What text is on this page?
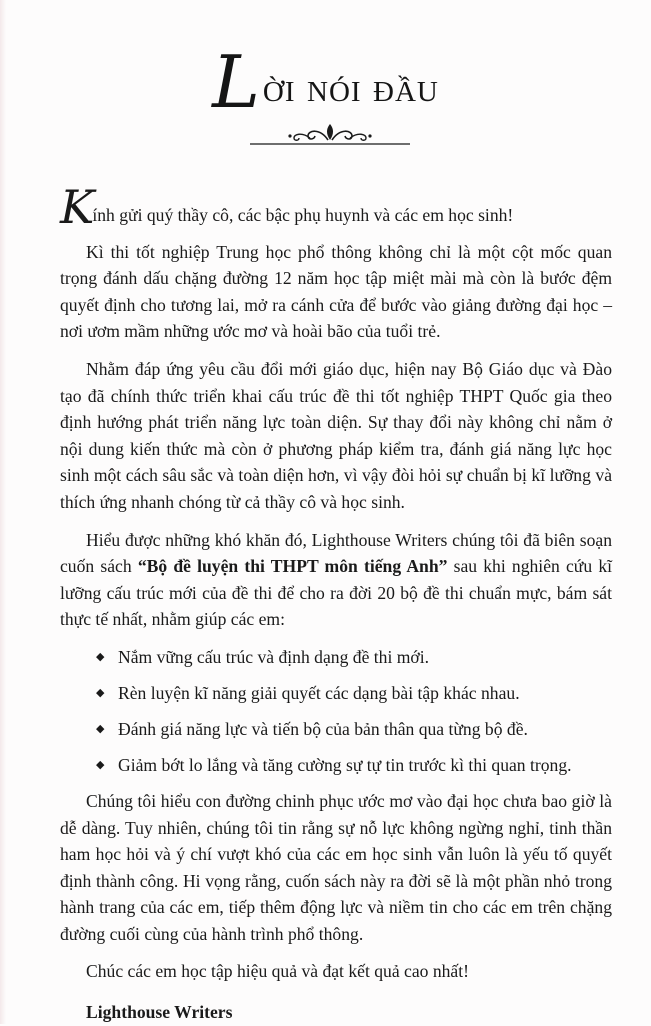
Lời nói đầu
Kính gửi quý thầy cô, các bậc phụ huynh và các em học sinh!

Kì thi tốt nghiệp Trung học phổ thông không chỉ là một cột mốc quan trọng đánh dấu chặng đường 12 năm học tập miệt mài mà còn là bước đệm quyết định cho tương lai, mở ra cánh cửa để bước vào giảng đường đại học – nơi ươm mầm những ước mơ và hoài bão của tuổi trẻ.

Nhằm đáp ứng yêu cầu đổi mới giáo dục, hiện nay Bộ Giáo dục và Đào tạo đã chính thức triển khai cấu trúc đề thi tốt nghiệp THPT Quốc gia theo định hướng phát triển năng lực toàn diện. Sự thay đổi này không chỉ nằm ở nội dung kiến thức mà còn ở phương pháp kiểm tra, đánh giá năng lực học sinh một cách sâu sắc và toàn diện hơn, vì vậy đòi hỏi sự chuẩn bị kĩ lưỡng và thích ứng nhanh chóng từ cả thầy cô và học sinh.

Hiểu được những khó khăn đó, Lighthouse Writers chúng tôi đã biên soạn cuốn sách “Bộ đề luyện thi THPT môn tiếng Anh” sau khi nghiên cứu kĩ lưỡng cấu trúc mới của đề thi để cho ra đời 20 bộ đề thi chuẩn mực, bám sát thực tế nhất, nhằm giúp các em:

◆ Nắm vững cấu trúc và định dạng đề thi mới.
◆ Rèn luyện kĩ năng giải quyết các dạng bài tập khác nhau.
◆ Đánh giá năng lực và tiến bộ của bản thân qua từng bộ đề.
◆ Giảm bớt lo lắng và tăng cường sự tự tin trước kì thi quan trọng.

Chúng tôi hiểu con đường chinh phục ước mơ vào đại học chưa bao giờ là dễ dàng. Tuy nhiên, chúng tôi tin rằng sự nỗ lực không ngừng nghỉ, tinh thần ham học hỏi và ý chí vượt khó của các em học sinh vẫn luôn là yếu tố quyết định thành công. Hi vọng rằng, cuốn sách này ra đời sẽ là một phần nhỏ trong hành trang của các em, tiếp thêm động lực và niềm tin cho các em trên chặng đường cuối cùng của hành trình phổ thông.

Chúc các em học tập hiệu quả và đạt kết quả cao nhất!

Lighthouse Writers
